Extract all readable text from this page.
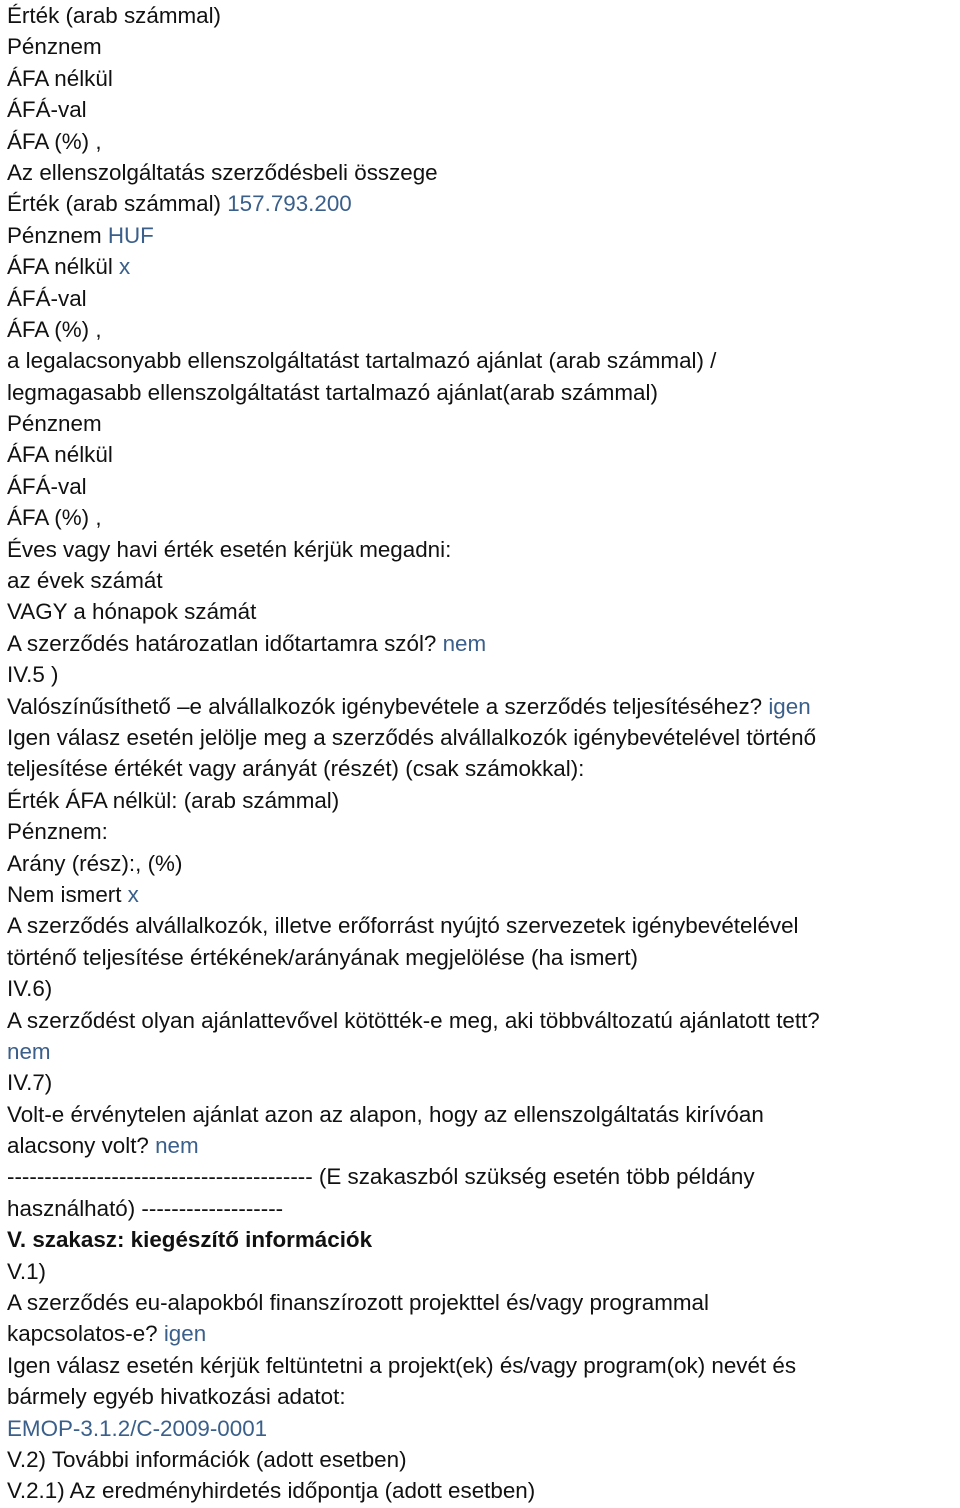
Érték (arab számmal)
Pénznem
ÁFA nélkül
ÁFÁ-val
ÁFA (%) ,
Az ellenszolgáltatás szerződésbeli összege
Érték (arab számmal) 157.793.200
Pénznem HUF
ÁFA nélkül x
ÁFÁ-val
ÁFA (%) ,
a legalacsonyabb ellenszolgáltatást tartalmazó ajánlat (arab számmal) /
legmagasabb ellenszolgáltatást tartalmazó ajánlat(arab számmal)
Pénznem
ÁFA nélkül
ÁFÁ-val
ÁFA (%) ,
Éves vagy havi érték esetén kérjük megadni:
az évek számát
VAGY a hónapok számát
A szerződés határozatlan időtartamra szól? nem
IV.5 )
Valószínűsíthető –e alvállalkozók igénybevétele a szerződés teljesítéséhez? igen
Igen válasz esetén jelölje meg a szerződés alvállalkozók igénybevételével történő
teljesítése értékét vagy arányát (részét) (csak számokkal):
Érték ÁFA nélkül: (arab számmal)
Pénznem:
Arány (rész):, (%)
Nem ismert x
A szerződés alvállalkozók, illetve erőforrást nyújtó szervezetek igénybevételével
történő teljesítése értékének/arányának megjelölése (ha ismert)
IV.6)
A szerződést olyan ajánlattevővel kötötték-e meg, aki többváltozatú ajánlatott tett?
nem
IV.7)
Volt-e érvénytelen ajánlat azon az alapon, hogy az ellenszolgáltatás kirívóan
alacsony volt? nem
----------------------------------------- (E szakaszból szükség esetén több példány
használható) -------------------
V. szakasz: kiegészítő információk
V.1)
A szerződés eu-alapokból finanszírozott projekttel és/vagy programmal
kapcsolatos-e? igen
Igen válasz esetén kérjük feltüntetni a projekt(ek) és/vagy program(ok) nevét és
bármely egyéb hivatkozási adatot:
EMOP-3.1.2/C-2009-0001
V.2) További információk (adott esetben)
V.2.1) Az eredményhirdetés időpontja (adott esetben)
